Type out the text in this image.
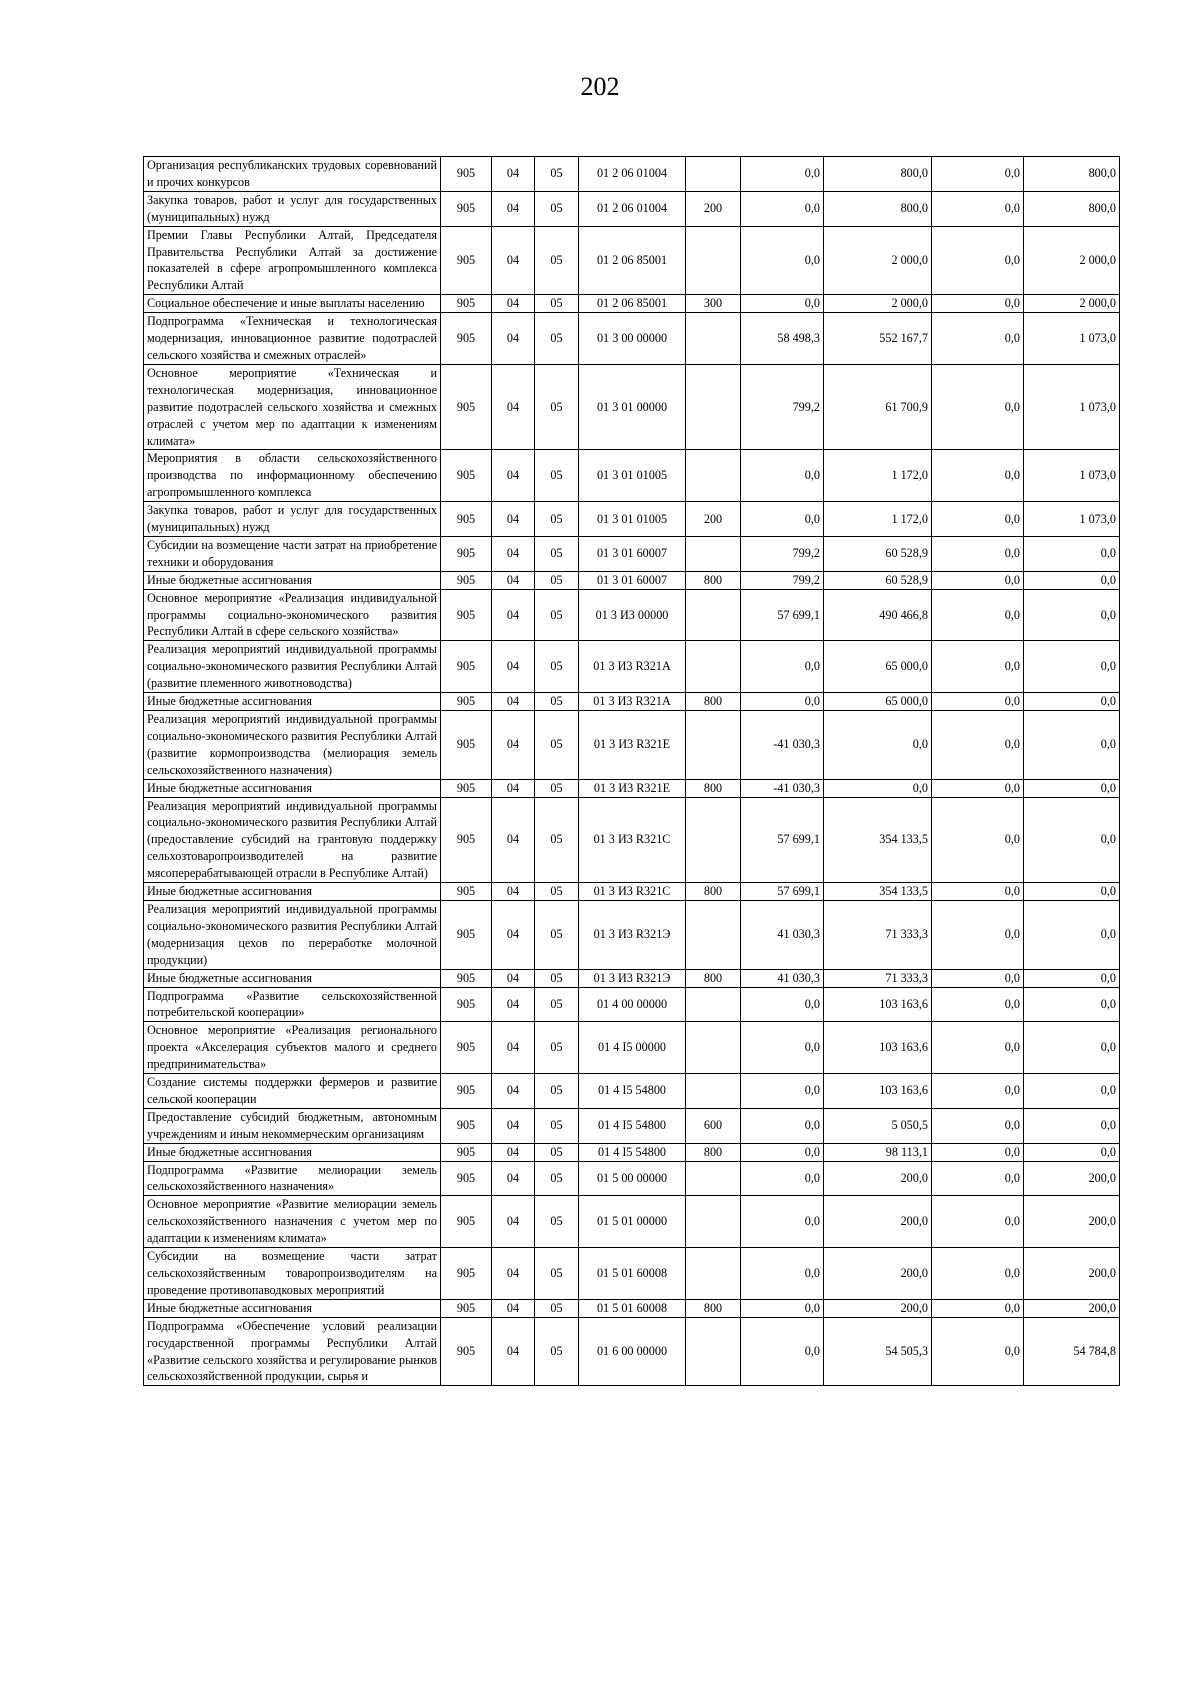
202
Организация республиканских трудовых соревнований и прочих конкурсов	905	04	05	01 2 06 01004		0,0	800,0	0,0	800,0
Закупка товаров, работ и услуг для государственных (муниципальных) нужд	905	04	05	01 2 06 01004	200	0,0	800,0	0,0	800,0
Премии Главы Республики Алтай, Председателя Правительства Республики Алтай за достижение показателей в сфере агропромышленного комплекса Республики Алтай	905	04	05	01 2 06 85001		0,0	2 000,0	0,0	2 000,0
Социальное обеспечение и иные выплаты населению	905	04	05	01 2 06 85001	300	0,0	2 000,0	0,0	2 000,0
Подпрограмма «Техническая и технологическая модернизация, инновационное развитие подотраслей сельского хозяйства и смежных отраслей»	905	04	05	01 3 00 00000		58 498,3	552 167,7	0,0	1 073,0
Основное мероприятие «Техническая и технологическая модернизация, инновационное развитие подотраслей сельского хозяйства и смежных отраслей с учетом мер по адаптации к изменениям климата»	905	04	05	01 3 01 00000		799,2	61 700,9	0,0	1 073,0
Мероприятия в области сельскохозяйственного производства по информационному обеспечению агропромышленного комплекса	905	04	05	01 3 01 01005		0,0	1 172,0	0,0	1 073,0
Закупка товаров, работ и услуг для государственных (муниципальных) нужд	905	04	05	01 3 01 01005	200	0,0	1 172,0	0,0	1 073,0
Субсидии на возмещение части затрат на приобретение техники и оборудования	905	04	05	01 3 01 60007		799,2	60 528,9	0,0	0,0
Иные бюджетные ассигнования	905	04	05	01 3 01 60007	800	799,2	60 528,9	0,0	0,0
Основное мероприятие «Реализация индивидуальной программы социально-экономического развития Республики Алтай в сфере сельского хозяйства»	905	04	05	01 3 И3 00000		57 699,1	490 466,8	0,0	0,0
Реализация мероприятий индивидуальной программы социально-экономического развития Республики Алтай (развитие племенного животноводства)	905	04	05	01 3 И3 R321A		0,0	65 000,0	0,0	0,0
Иные бюджетные ассигнования	905	04	05	01 3 И3 R321A	800	0,0	65 000,0	0,0	0,0
Реализация мероприятий индивидуальной программы социально-экономического развития Республики Алтай (развитие кормопроизводства (мелиорация земель сельскохозяйственного назначения)	905	04	05	01 3 И3 R321E		-41 030,3	0,0	0,0	0,0
Иные бюджетные ассигнования	905	04	05	01 3 И3 R321E	800	-41 030,3	0,0	0,0	0,0
Реализация мероприятий индивидуальной программы социально-экономического развития Республики Алтай (предоставление субсидий на грантовую поддержку сельхозтоваропроизводителей на развитие мясоперерабатывающей отрасли в Республике Алтай)	905	04	05	01 3 И3 R321C		57 699,1	354 133,5	0,0	0,0
Иные бюджетные ассигнования	905	04	05	01 3 И3 R321C	800	57 699,1	354 133,5	0,0	0,0
Реализация мероприятий индивидуальной программы социально-экономического развития Республики Алтай (модернизация цехов по переработке молочной продукции)	905	04	05	01 3 И3 R321Э		41 030,3	71 333,3	0,0	0,0
Иные бюджетные ассигнования	905	04	05	01 3 И3 R321Э	800	41 030,3	71 333,3	0,0	0,0
Подпрограмма «Развитие сельскохозяйственной потребительской кооперации»	905	04	05	01 4 00 00000		0,0	103 163,6	0,0	0,0
Основное мероприятие «Реализация регионального проекта «Акселерация субъектов малого и среднего предпринимательства»	905	04	05	01 4 I5 00000		0,0	103 163,6	0,0	0,0
Создание системы поддержки фермеров и развитие сельской кооперации	905	04	05	01 4 I5 54800		0,0	103 163,6	0,0	0,0
Предоставление субсидий бюджетным, автономным учреждениям и иным некоммерческим организациям	905	04	05	01 4 I5 54800	600	0,0	5 050,5	0,0	0,0
Иные бюджетные ассигнования	905	04	05	01 4 I5 54800	800	0,0	98 113,1	0,0	0,0
Подпрограмма «Развитие мелиорации земель сельскохозяйственного назначения»	905	04	05	01 5 00 00000		0,0	200,0	0,0	200,0
Основное мероприятие «Развитие мелиорации земель сельскохозяйственного назначения с учетом мер по адаптации к изменениям климата»	905	04	05	01 5 01 00000		0,0	200,0	0,0	200,0
Субсидии на возмещение части затрат сельскохозяйственным товаропроизводителям на проведение противопаводковых мероприятий	905	04	05	01 5 01 60008		0,0	200,0	0,0	200,0
Иные бюджетные ассигнования	905	04	05	01 5 01 60008	800	0,0	200,0	0,0	200,0
Подпрограмма «Обеспечение условий реализации государственной программы Республики Алтай «Развитие сельского хозяйства и регулирование рынков сельскохозяйственной продукции, сырья и	905	04	05	01 6 00 00000		0,0	54 505,3	0,0	54 784,8
